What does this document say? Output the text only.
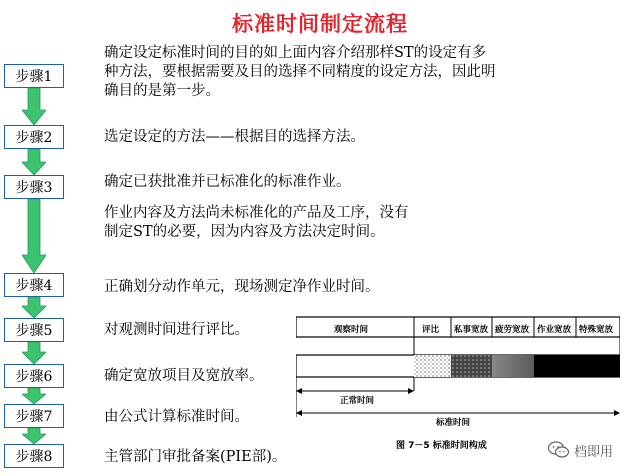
标准时间制定流程
步骤1
步骤2
步骤3
步骤4
步骤5
步骤6
步骤7
步骤8
确定设定标准时间的目的如上面内容介绍那样ST的设定有多
种方法，要根据需要及目的选择不同精度的设定方法，因此明
确目的是第一步。
选定设定的方法——根据目的选择方法。
确定已获批准并已标准化的标准作业。
作业内容及方法尚未标准化的产品及工序，没有
制定ST的必要，因为内容及方法决定时间。
正确划分动作单元，现场测定净作业时间。
对观测时间进行评比。
确定宽放项目及宽放率。
由公式计算标准时间。
主管部门审批备案(PIE部)。
观察时间	评比 私事宽放 疲劳宽放 作业宽放 特殊宽放
正常时间
标准时间
图 7－5 标准时间构成	档即用
